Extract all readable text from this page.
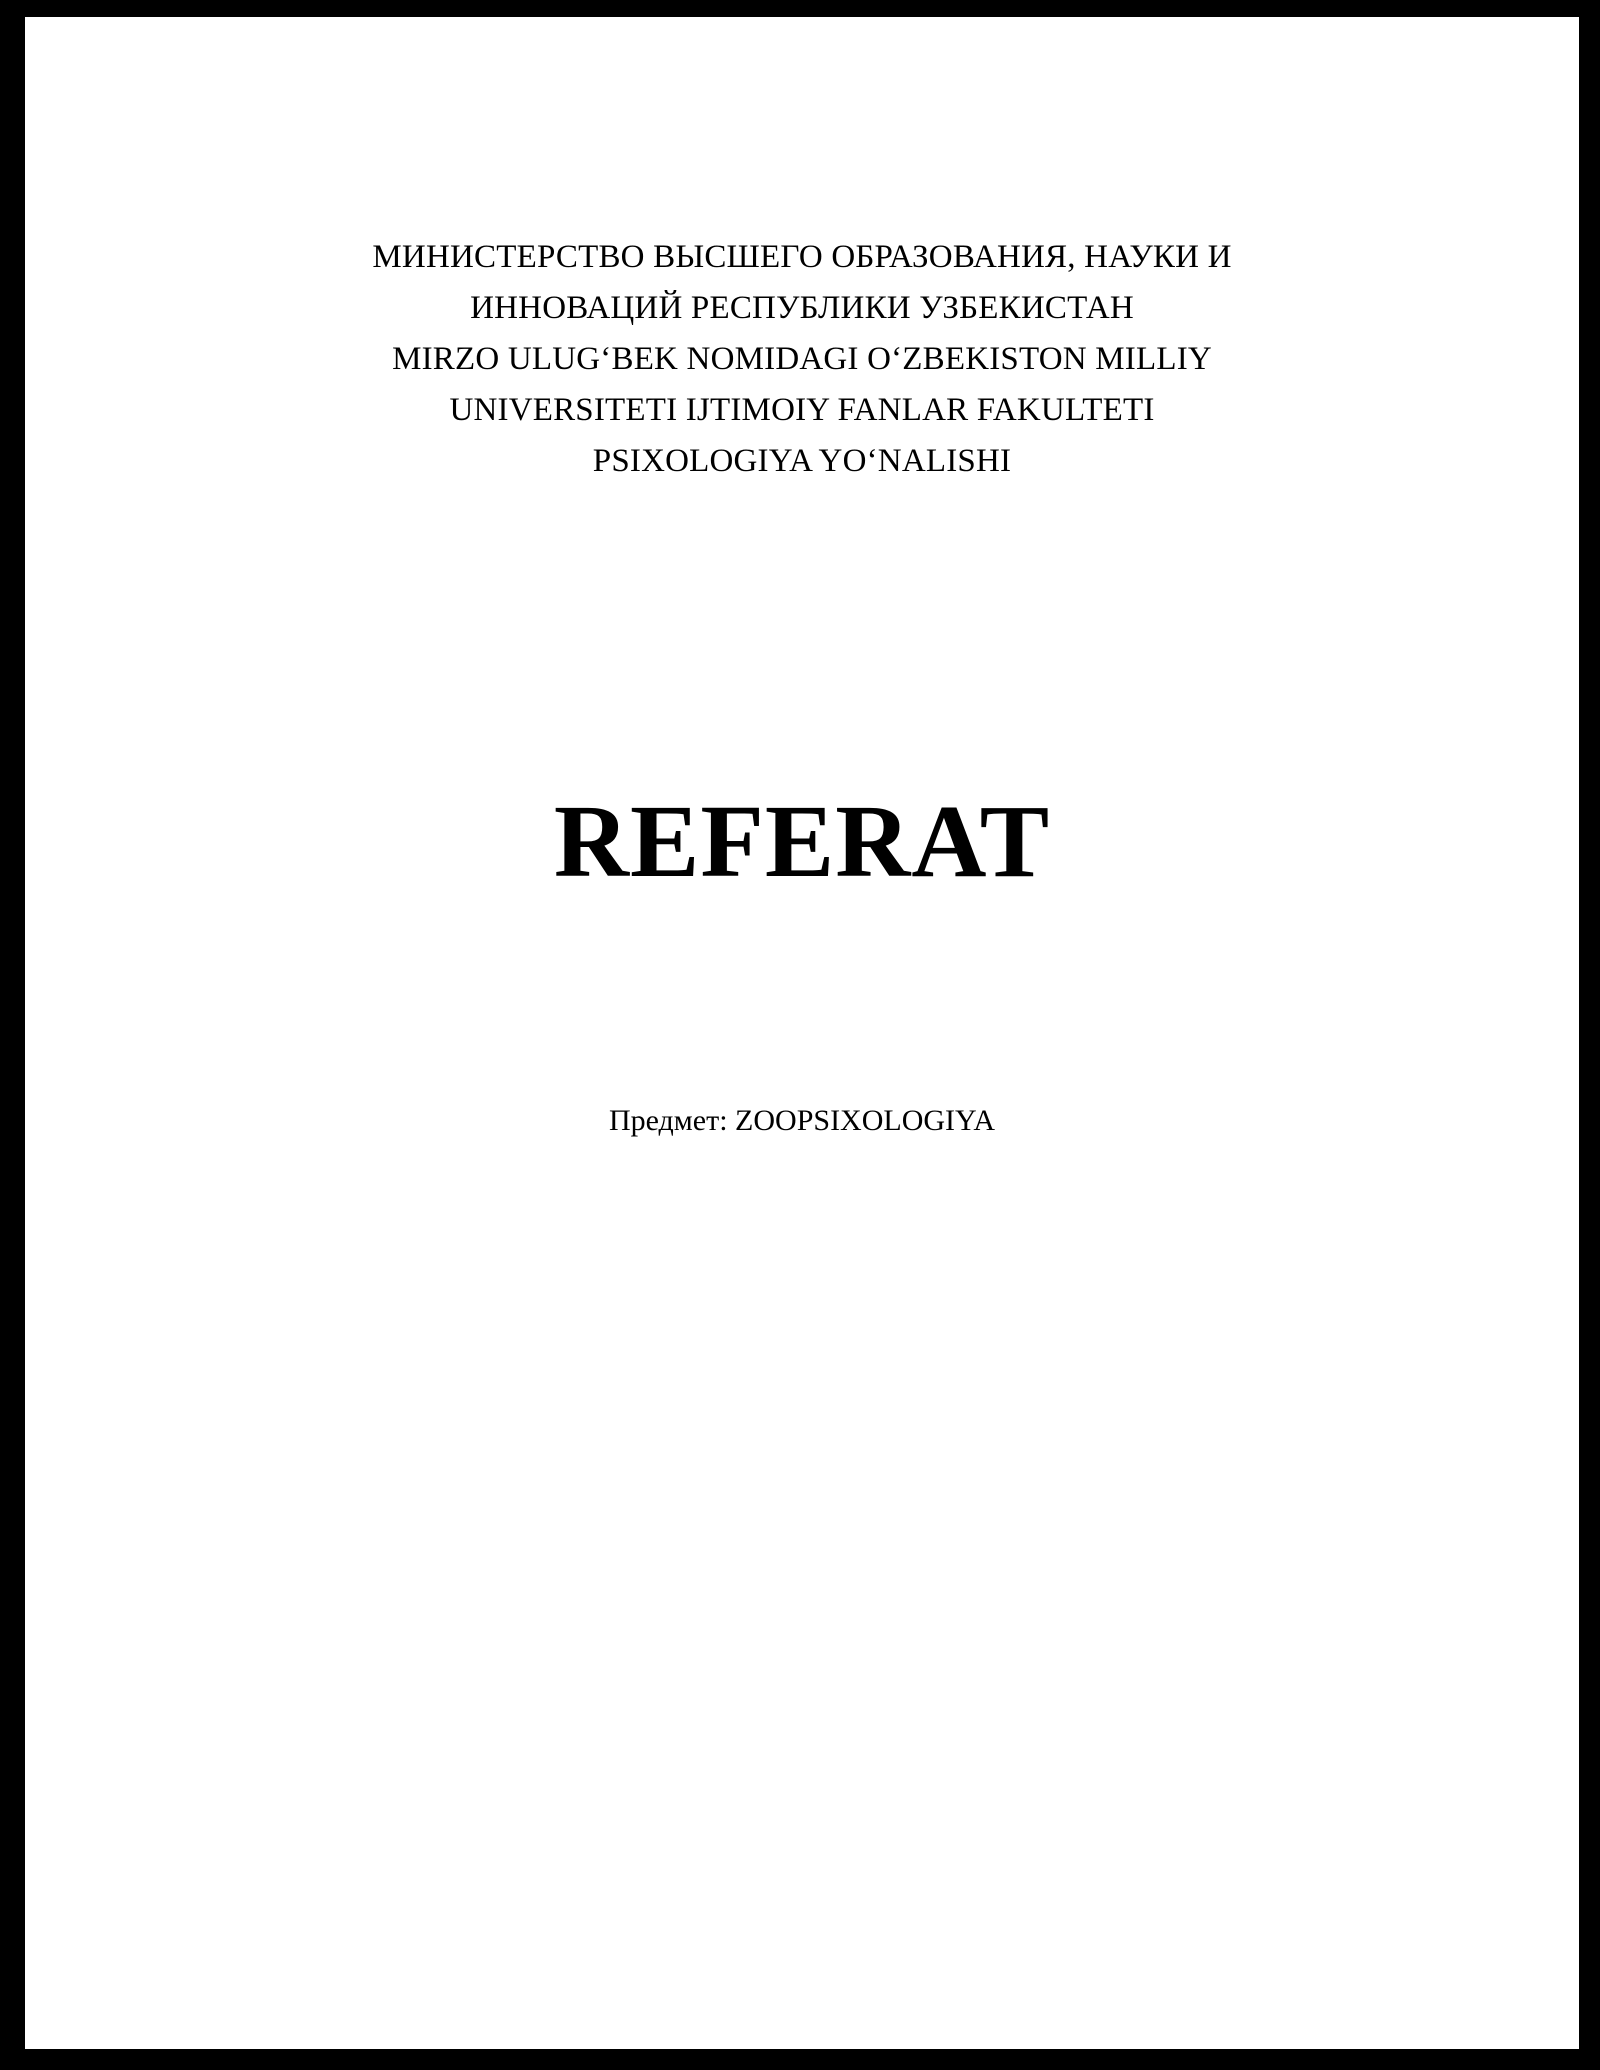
МИНИСТЕРСТВО ВЫСШЕГО ОБРАЗОВАНИЯ, НАУКИ И
ИННОВАЦИЙ РЕСПУБЛИКИ УЗБЕКИСТАН
MIRZO ULUG‘BEK NOMIDAGI O‘ZBEKISTON MILLIY
UNIVERSITETI IJTIMOIY FANLAR FAKULTETI
PSIXOLOGIYA YO‘NALISHI
REFERAT
Предмет: ZOOPSIXOLOGIYA
